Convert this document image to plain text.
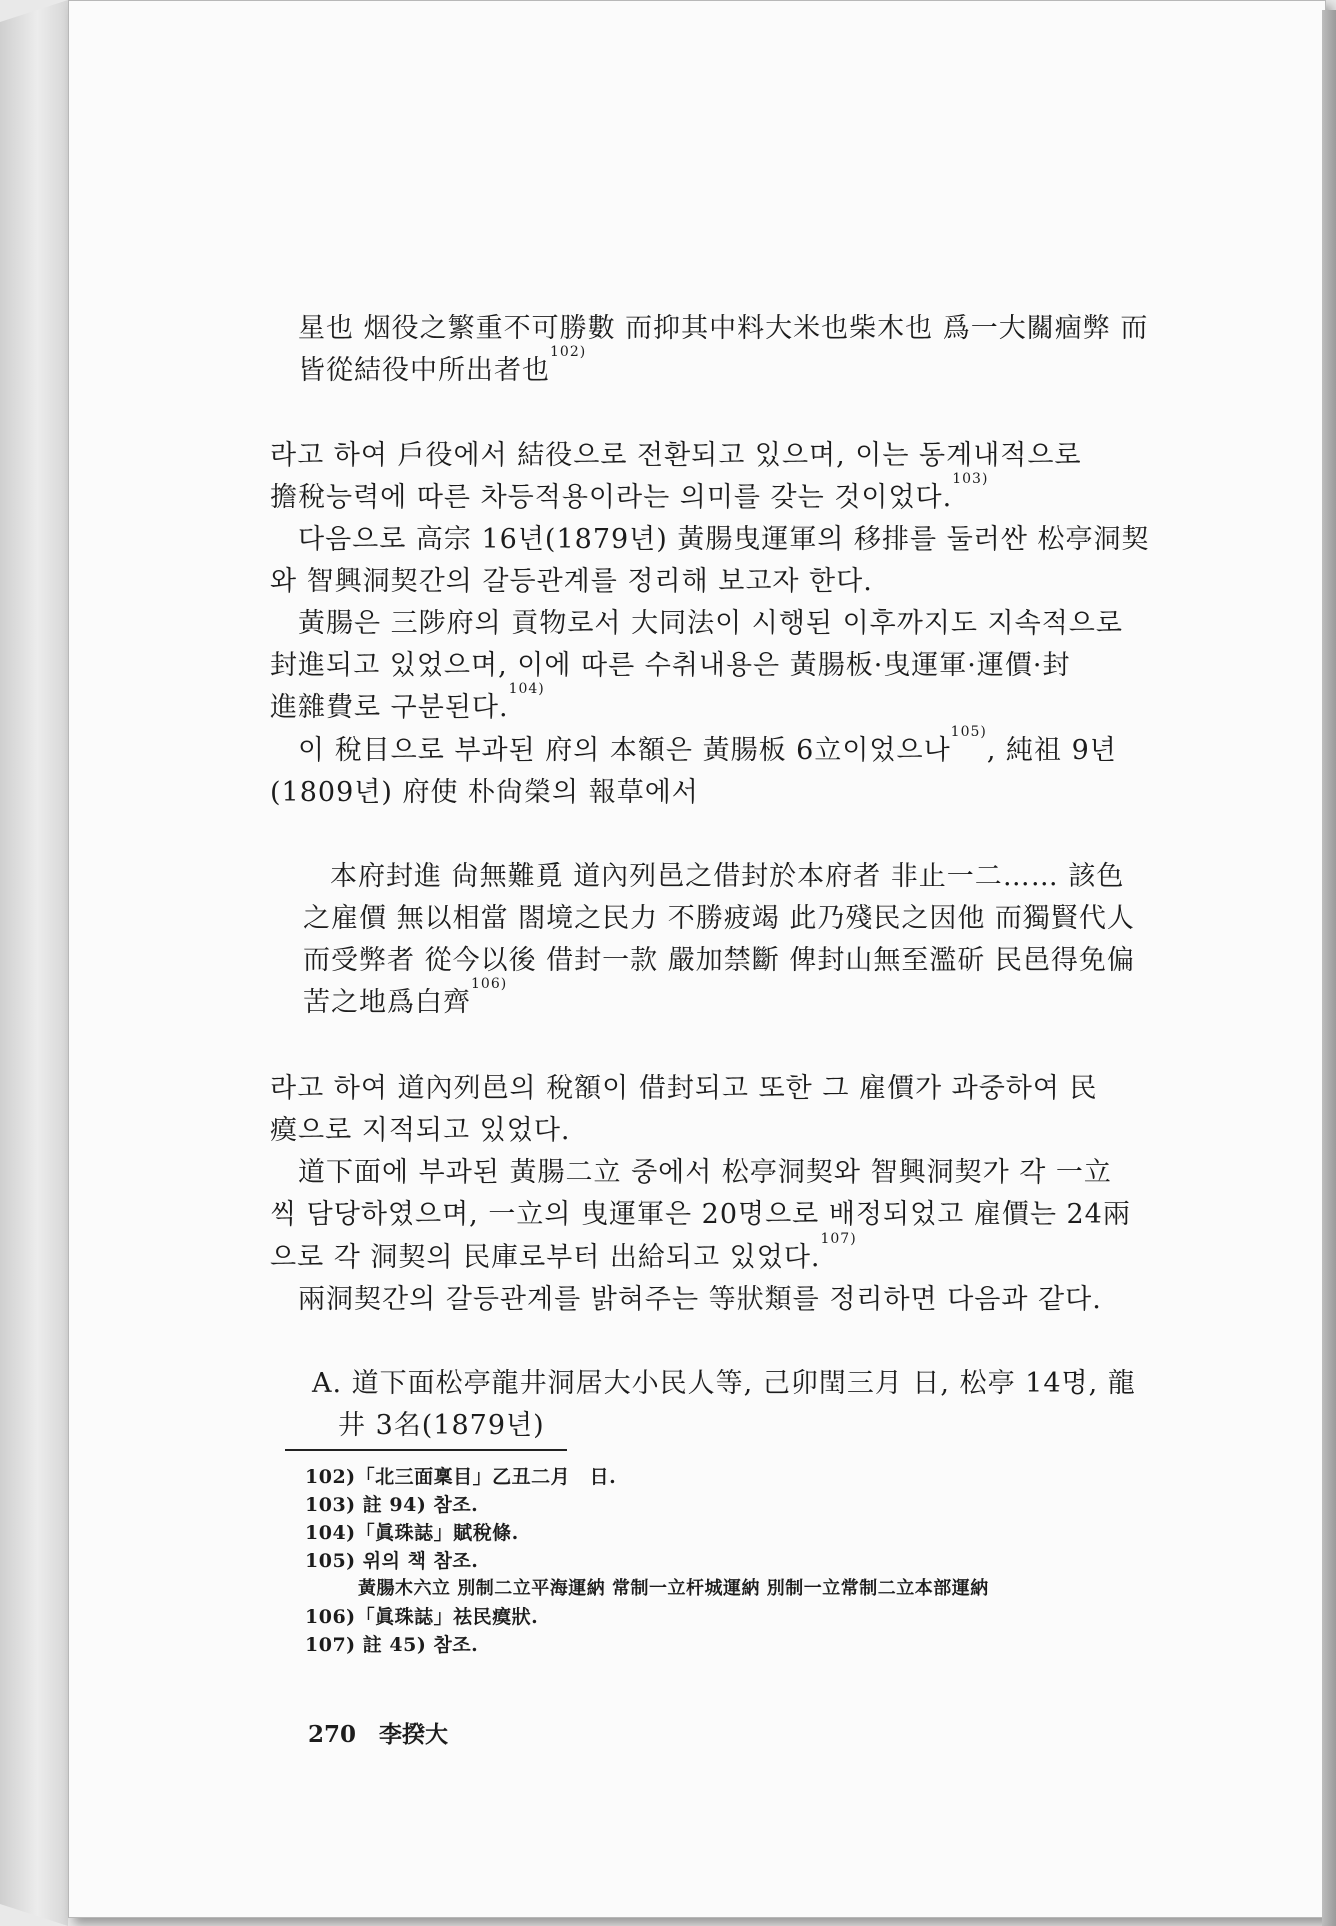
星也 烟役之繁重不可勝數 而抑其中料大米也柴木也 爲一大關痼弊 而

皆從結役中所出者也$^{102)}$

라고 하여 戶役에서 結役으로 전환되고 있으며, 이는 동계내적으로

擔稅능력에 따른 차등적용이라는 의미를 갖는 것이었다.$^{103)}$

다음으로 高宗 16년(1879년) 黃腸曳運軍의 移排를 둘러싼 松亭洞契

와 智興洞契간의 갈등관계를 정리해 보고자 한다.

黃腸은 三陟府의 貢物로서 大同法이 시행된 이후까지도 지속적으로

封進되고 있었으며, 이에 따른 수취내용은 黃腸板·曳運軍·運價·封

進雜費로 구분된다.$^{104)}$

이 稅目으로 부과된 府의 本額은 黃腸板 6立이었으나$^{105)}$, 純祖 9년

(1809년) 府使 朴尙榮의 報草에서

本府封進 尙無難覓 道內列邑之借封於本府者 非止一二…… 該色

之雇價 無以相當 閤境之民力 不勝疲竭 此乃殘民之因他 而獨賢代人

而受弊者 從今以後 借封一款 嚴加禁斷 俾封山無至濫斫 民邑得免偏

苦之地爲白齊$^{106)}$

라고 하여 道內列邑의 稅額이 借封되고 또한 그 雇價가 과중하여 民

瘼으로 지적되고 있었다.

道下面에 부과된 黃腸二立 중에서 松亭洞契와 智興洞契가 각 一立

씩 담당하였으며, 一立의 曳運軍은 20명으로 배정되었고 雇價는 24兩

으로 각 洞契의 民庫로부터 出給되고 있었다.$^{107)}$

兩洞契간의 갈등관계를 밝혀주는 等狀類를 정리하면 다음과 같다.

A. 道下面松亭龍井洞居大小民人等, 己卯閏三月 日, 松亭 14명, 龍

井 3名(1879년)

102)「北三面稟目」乙丑二月　日.
103) 註 94) 참조.
104)「眞珠誌」賦稅條.
105) 위의 책 참조.
黃腸木六立 別制二立平海運納 常制一立杆城運納 別制一立常制二立本部運納
106)「眞珠誌」祛民瘼狀.
107) 註 45) 참조.
270　李揆大
